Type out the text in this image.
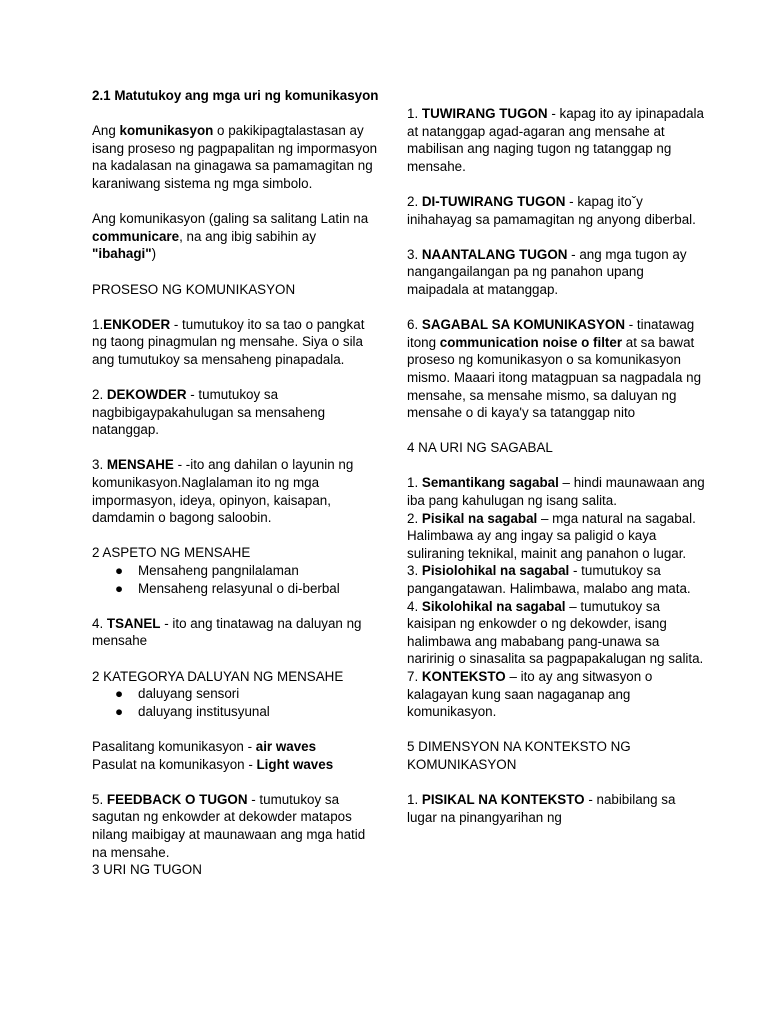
2.1 Matutukoy ang mga uri ng komunikasyon

Ang komunikasyon o pakikipagtalastasan ay isang proseso ng pagpapalitan ng impormasyon na kadalasan na ginagawa sa pamamagitan ng karaniwang sistema ng mga simbolo.

Ang komunikasyon (galing sa salitang Latin na communicare, na ang ibig sabihin ay "ibahagi")

PROSESO NG KOMUNIKASYON

1.ENKODER - tumutukoy ito sa tao o pangkat ng taong pinagmulan ng mensahe. Siya o sila ang tumutukoy sa mensaheng pinapadala.

2. DEKOWDER - tumutukoy sa nagbibigaypakahulugan sa mensaheng natanggap.

3. MENSAHE - -ito ang dahilan o layunin ng komunikasyon.Naglalaman ito ng mga impormasyon, ideya, opinyon, kaisapan, damdamin o bagong saloobin.

2 ASPETO NG MENSAHE

● Mensaheng pangnilalaman
● Mensaheng relasyunal o di-berbal

4. TSANEL - ito ang tinatawag na daluyan ng mensahe

2 KATEGORYA DALUYAN NG MENSAHE

● daluyang sensori
● daluyang institusyunal

Pasalitang komunikasyon - air waves

Pasulat na komunikasyon - Light waves

5. FEEDBACK O TUGON - tumutukoy sa sagutan ng enkowder at dekowder matapos nilang maibigay at maunawaan ang mga hatid na mensahe.

3 URI NG TUGON

1. TUWIRANG TUGON - kapag ito ay ipinapadala at natanggap agad-agaran ang mensahe at mabilisan ang naging tugon ng tatanggap ng mensahe.

2. DI-TUWIRANG TUGON - kapag itoˇy inihahayag sa pamamagitan ng anyong diberbal.

3. NAANTALANG TUGON - ang mga tugon ay nangangailangan pa ng panahon upang maipadala at matanggap.

6. SAGABAL SA KOMUNIKASYON - tinatawag itong communication noise o filter at sa bawat proseso ng komunikasyon o sa komunikasyon mismo. Maaari itong matagpuan sa nagpadala ng mensahe, sa mensahe mismo, sa daluyan ng mensahe o di kaya'y sa tatanggap nito

4 NA URI NG SAGABAL

1. Semantikang sagabal – hindi maunawaan ang iba pang kahulugan ng isang salita.

2. Pisikal na sagabal – mga natural na sagabal. Halimbawa ay ang ingay sa paligid o kaya suliraning teknikal, mainit ang panahon o lugar.

3. Pisiolohikal na sagabal - tumutukoy sa pangangatawan. Halimbawa, malabo ang mata.

4. Sikolohikal na sagabal – tumutukoy sa kaisipan ng enkowder o ng dekowder, isang halimbawa ang mababang pang-unawa sa naririnig o sinasalita sa pagpapakalugan ng salita.

7. KONTEKSTO – ito ay ang sitwasyon o kalagayan kung saan nagaganap ang komunikasyon.

5 DIMENSYON NA KONTEKSTO NG KOMUNIKASYON

1. PISIKAL NA KONTEKSTO - nabibilang sa lugar na pinangyarihan ng
